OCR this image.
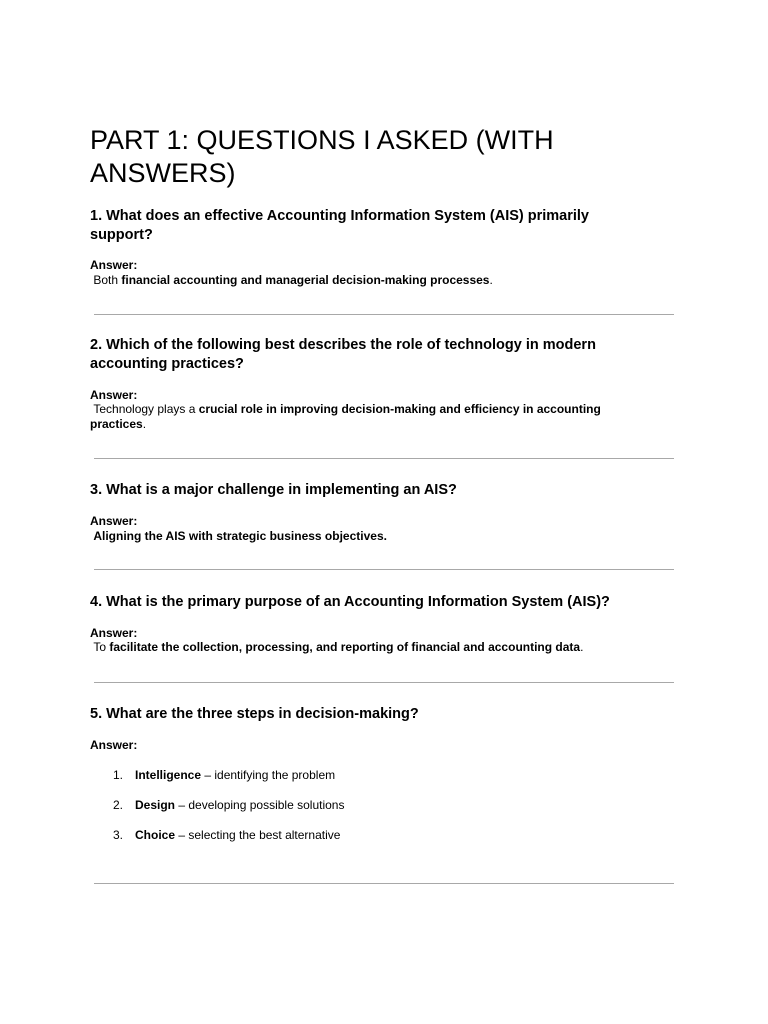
PART 1: QUESTIONS I ASKED (WITH ANSWERS)

1. What does an effective Accounting Information System (AIS) primarily support?

Answer:

Both financial accounting and managerial decision-making processes.

2. Which of the following best describes the role of technology in modern accounting practices?

Answer:

Technology plays a crucial role in improving decision-making and efficiency in accounting practices.

3. What is a major challenge in implementing an AIS?

Answer:

Aligning the AIS with strategic business objectives.

4. What is the primary purpose of an Accounting Information System (AIS)?

Answer:

To facilitate the collection, processing, and reporting of financial and accounting data.

5. What are the three steps in decision-making?

Answer:

1. Intelligence – identifying the problem
2. Design – developing possible solutions
3. Choice – selecting the best alternative
